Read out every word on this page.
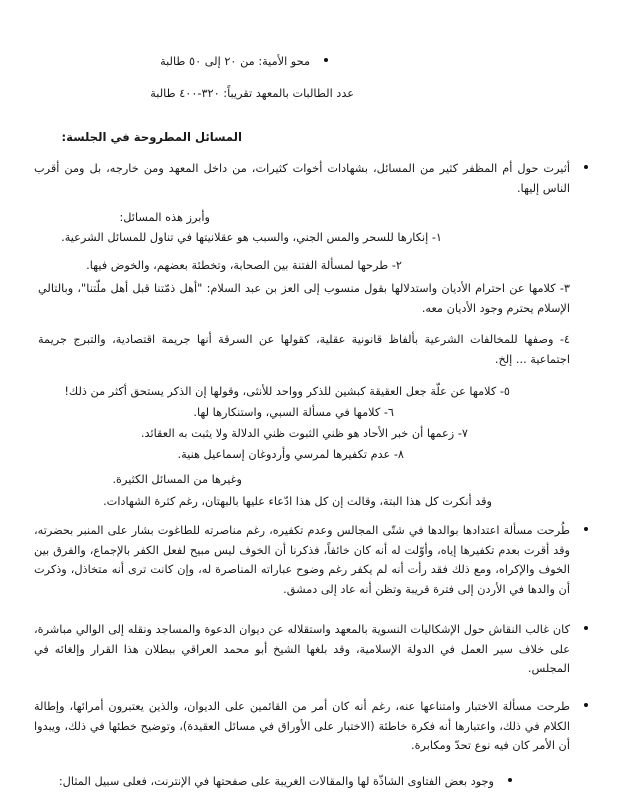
محو الأمية: من ٢٠ إلى ٥٠ طالبة
عدد الطالبات بالمعهد تقريباً: ٣٢٠-٤٠٠ طالبة
المسائل المطروحة في الجلسة:
أثيرت حول أم المظفر كثير من المسائل، بشهادات أخوات كثيرات، من داخل المعهد ومن خارجه، بل ومن أقرب الناس إليها.
وأبرز هذه المسائل:
١- إنكارها للسحر والمس الجني، والسبب هو عقلانيتها في تناول للمسائل الشرعية.
٢- طرحها لمسألة الفتنة بين الصحابة، وتخطئة بعضهم، والخوض فيها.
٣- كلامها عن احترام الأديان واستدلالها بقول منسوب إلى العز بن عبد السلام: "أهل ذمّتنا قبل أهل ملّتنا"، وبالتالي الإسلام يحترم وجود الأديان معه.
٤- وصفها للمخالفات الشرعية بألفاظ قانونية عقلية، كقولها عن السرقة أنها جريمة اقتصادية، والتبرج جريمة اجتماعية ... إلخ.
٥- كلامها عن علّة جعل العقيقة كبشين للذكر وواحد للأنثى، وقولها إن الذكر يستحق أكثر من ذلك!
٦- كلامها في مسألة السبي، واستنكارها لها.
٧- زعمها أن خبر الأحاد هو ظني الثبوت ظني الدلالة ولا يثبت به العقائد.
٨- عدم تكفيرها لمرسي وأردوغان إسماعيل هنية.
وغيرها من المسائل الكثيرة.
وقد أنكرت كل هذا البتة، وقالت إن كل هذا ادّعاء عليها بالبهتان، رغم كثرة الشهادات.
طُرحت مسألة اعتدادها بوالدها في شتّى المجالس وعدم تكفيره، رغم مناصرته للطاغوت بشار على المنبر بحضرته، وقد أقرت بعدم تكفيرها إياه، وأوّلت له أنه كان خائفاً، فذكرنا أن الخوف ليس مبيح لفعل الكفر بالإجماع، والفرق بين الخوف والإكراه، ومع ذلك فقد رأت أنه لم يكفر رغم وضوح عباراته المناصرة له، وإن كانت ترى أنه متخاذل، وذكرت أن والدها في الأردن إلى فترة قريبة وتظن أنه عاد إلى دمشق.
كان غالب النقاش حول الإشكاليات النسوية بالمعهد واستقلاله عن ديوان الدعوة والمساجد ونقله إلى الوالي مباشرة، على خلاف سير العمل في الدولة الإسلامية، وقد بلغها الشيخ أبو محمد العراقي ببطلان هذا القرار وإلغائه في المجلس.
طرحت مسألة الاختبار وامتناعها عنه، رغم أنه كان أمر من القائمين على الديوان، والذين يعتبرون أمرائها، وإطالة الكلام في ذلك، واعتبارها أنه فكرة خاطئة (الاختبار على الأوراق في مسائل العقيدة)، وتوضيح خطئها في ذلك، ويبدوا أن الأمر كان فيه نوع تحدّ ومكابرة.
وجود بعض الفتاوى الشاذّة لها والمقالات الغريبة على صفحتها في الإنترنت، فعلى سبيل المثال:
